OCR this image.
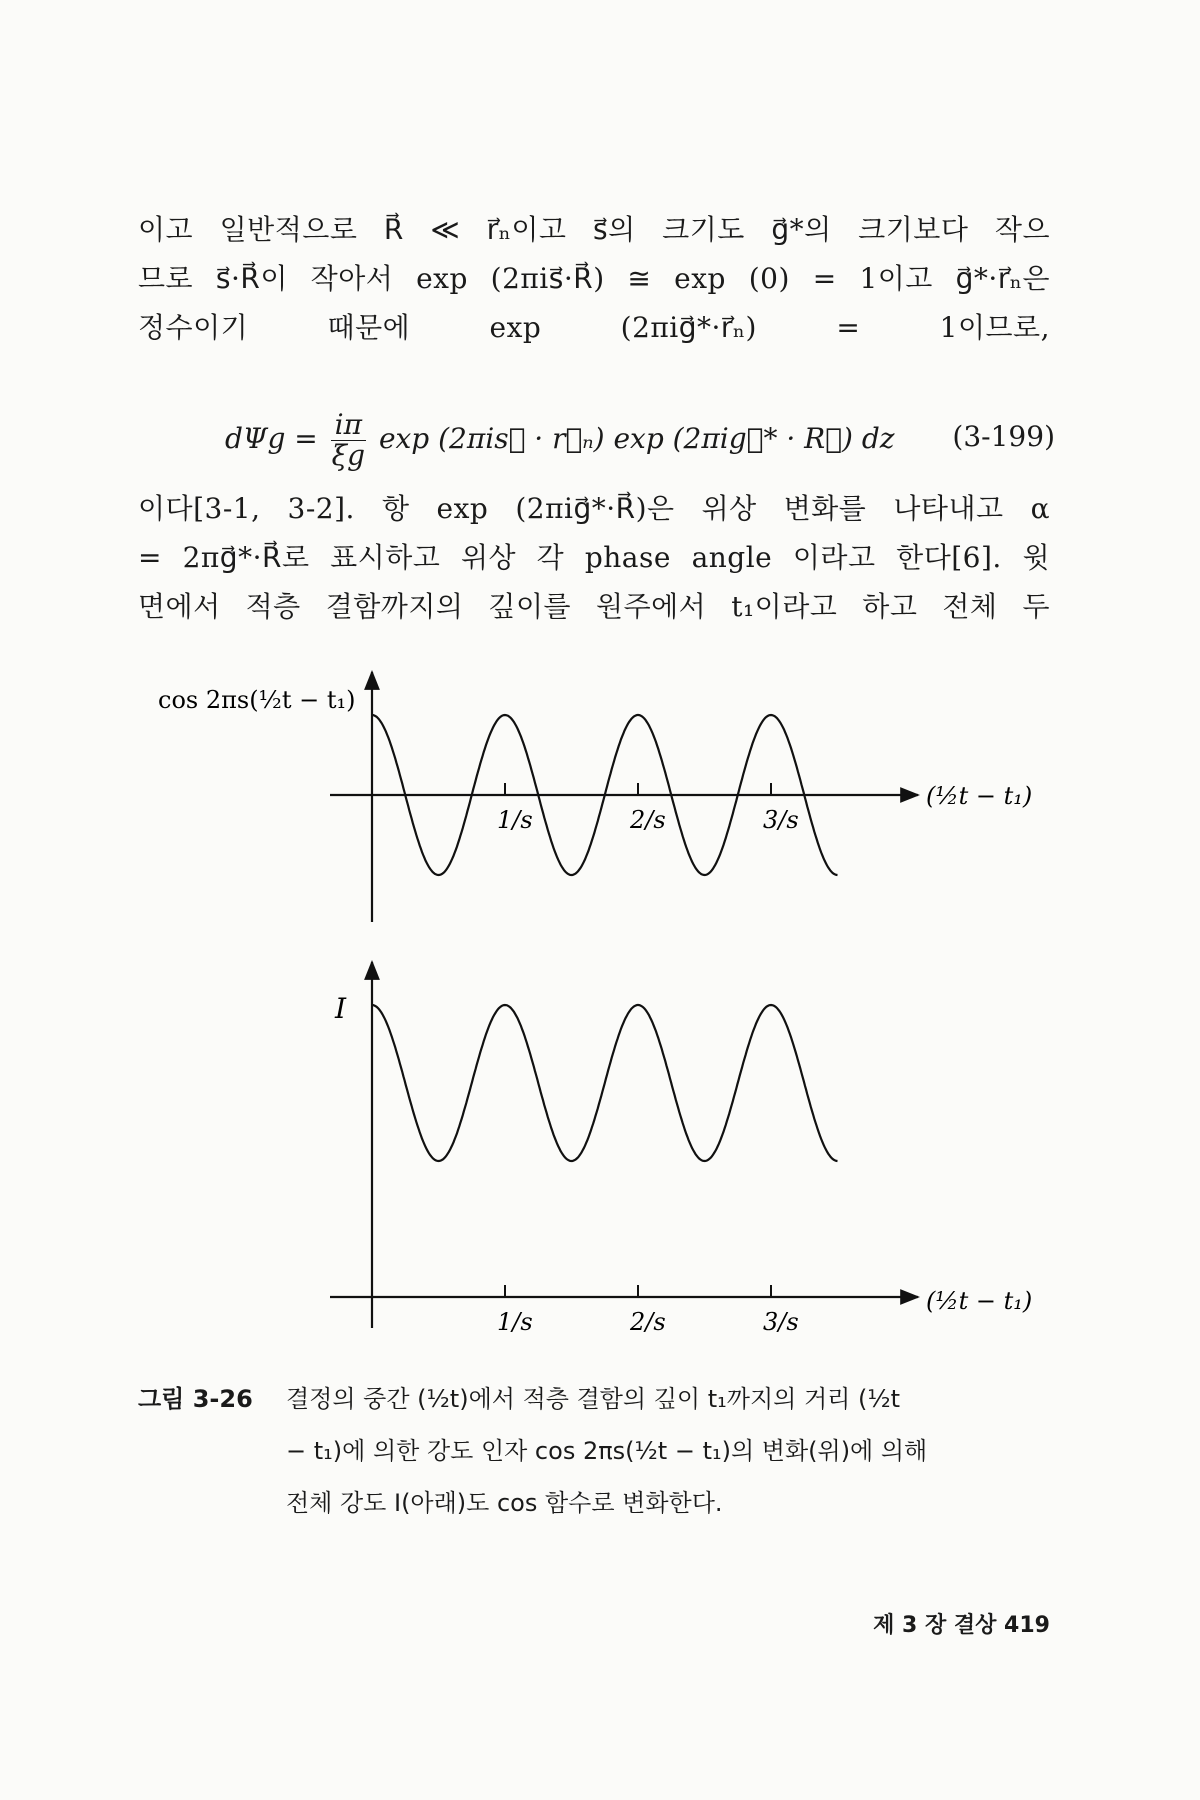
이고 일반적으로 R⃗ ≪ r⃗ₙ이고 s⃗의 크기도 g⃗*의 크기보다 작으
므로 s⃗·R⃗이 작아서 exp (2πis⃗·R⃗) ≅ exp (0) = 1이고 g⃗*·r⃗ₙ은
정수이기 때문에 exp (2πig⃗*·r⃗ₙ) = 1이므로,
$d\Psi g = \frac{i\pi}{\xi g}$ exp (2πis⃗ · r⃗ₙ) exp (2πig⃗* · R⃗) dz (3-199)
이다[3-1, 3-2]. 항 exp (2πig⃗*·R⃗)은 위상 변화를 나타내고 α
= 2πg⃗*·R⃗로 표시하고 위상 각 phase angle 이라고 한다[6]. 윗
면에서 적층 결함까지의 깊이를 원주에서 t₁이라고 하고 전체 두
1/s	2/s	3/s
cos 2πs(½t − t₁)
(½t − t₁)
1/s	2/s	3/s
I
(½t − t₁)
그림 3-26 결정의 중간 (½t)에서 적층 결함의 깊이 t₁까지의 거리 (½t
− t₁)에 의한 강도 인자 cos 2πs(½t − t₁)의 변화(위)에 의해
전체 강도 I(아래)도 cos 함수로 변화한다.
제 3 장 결상 419
